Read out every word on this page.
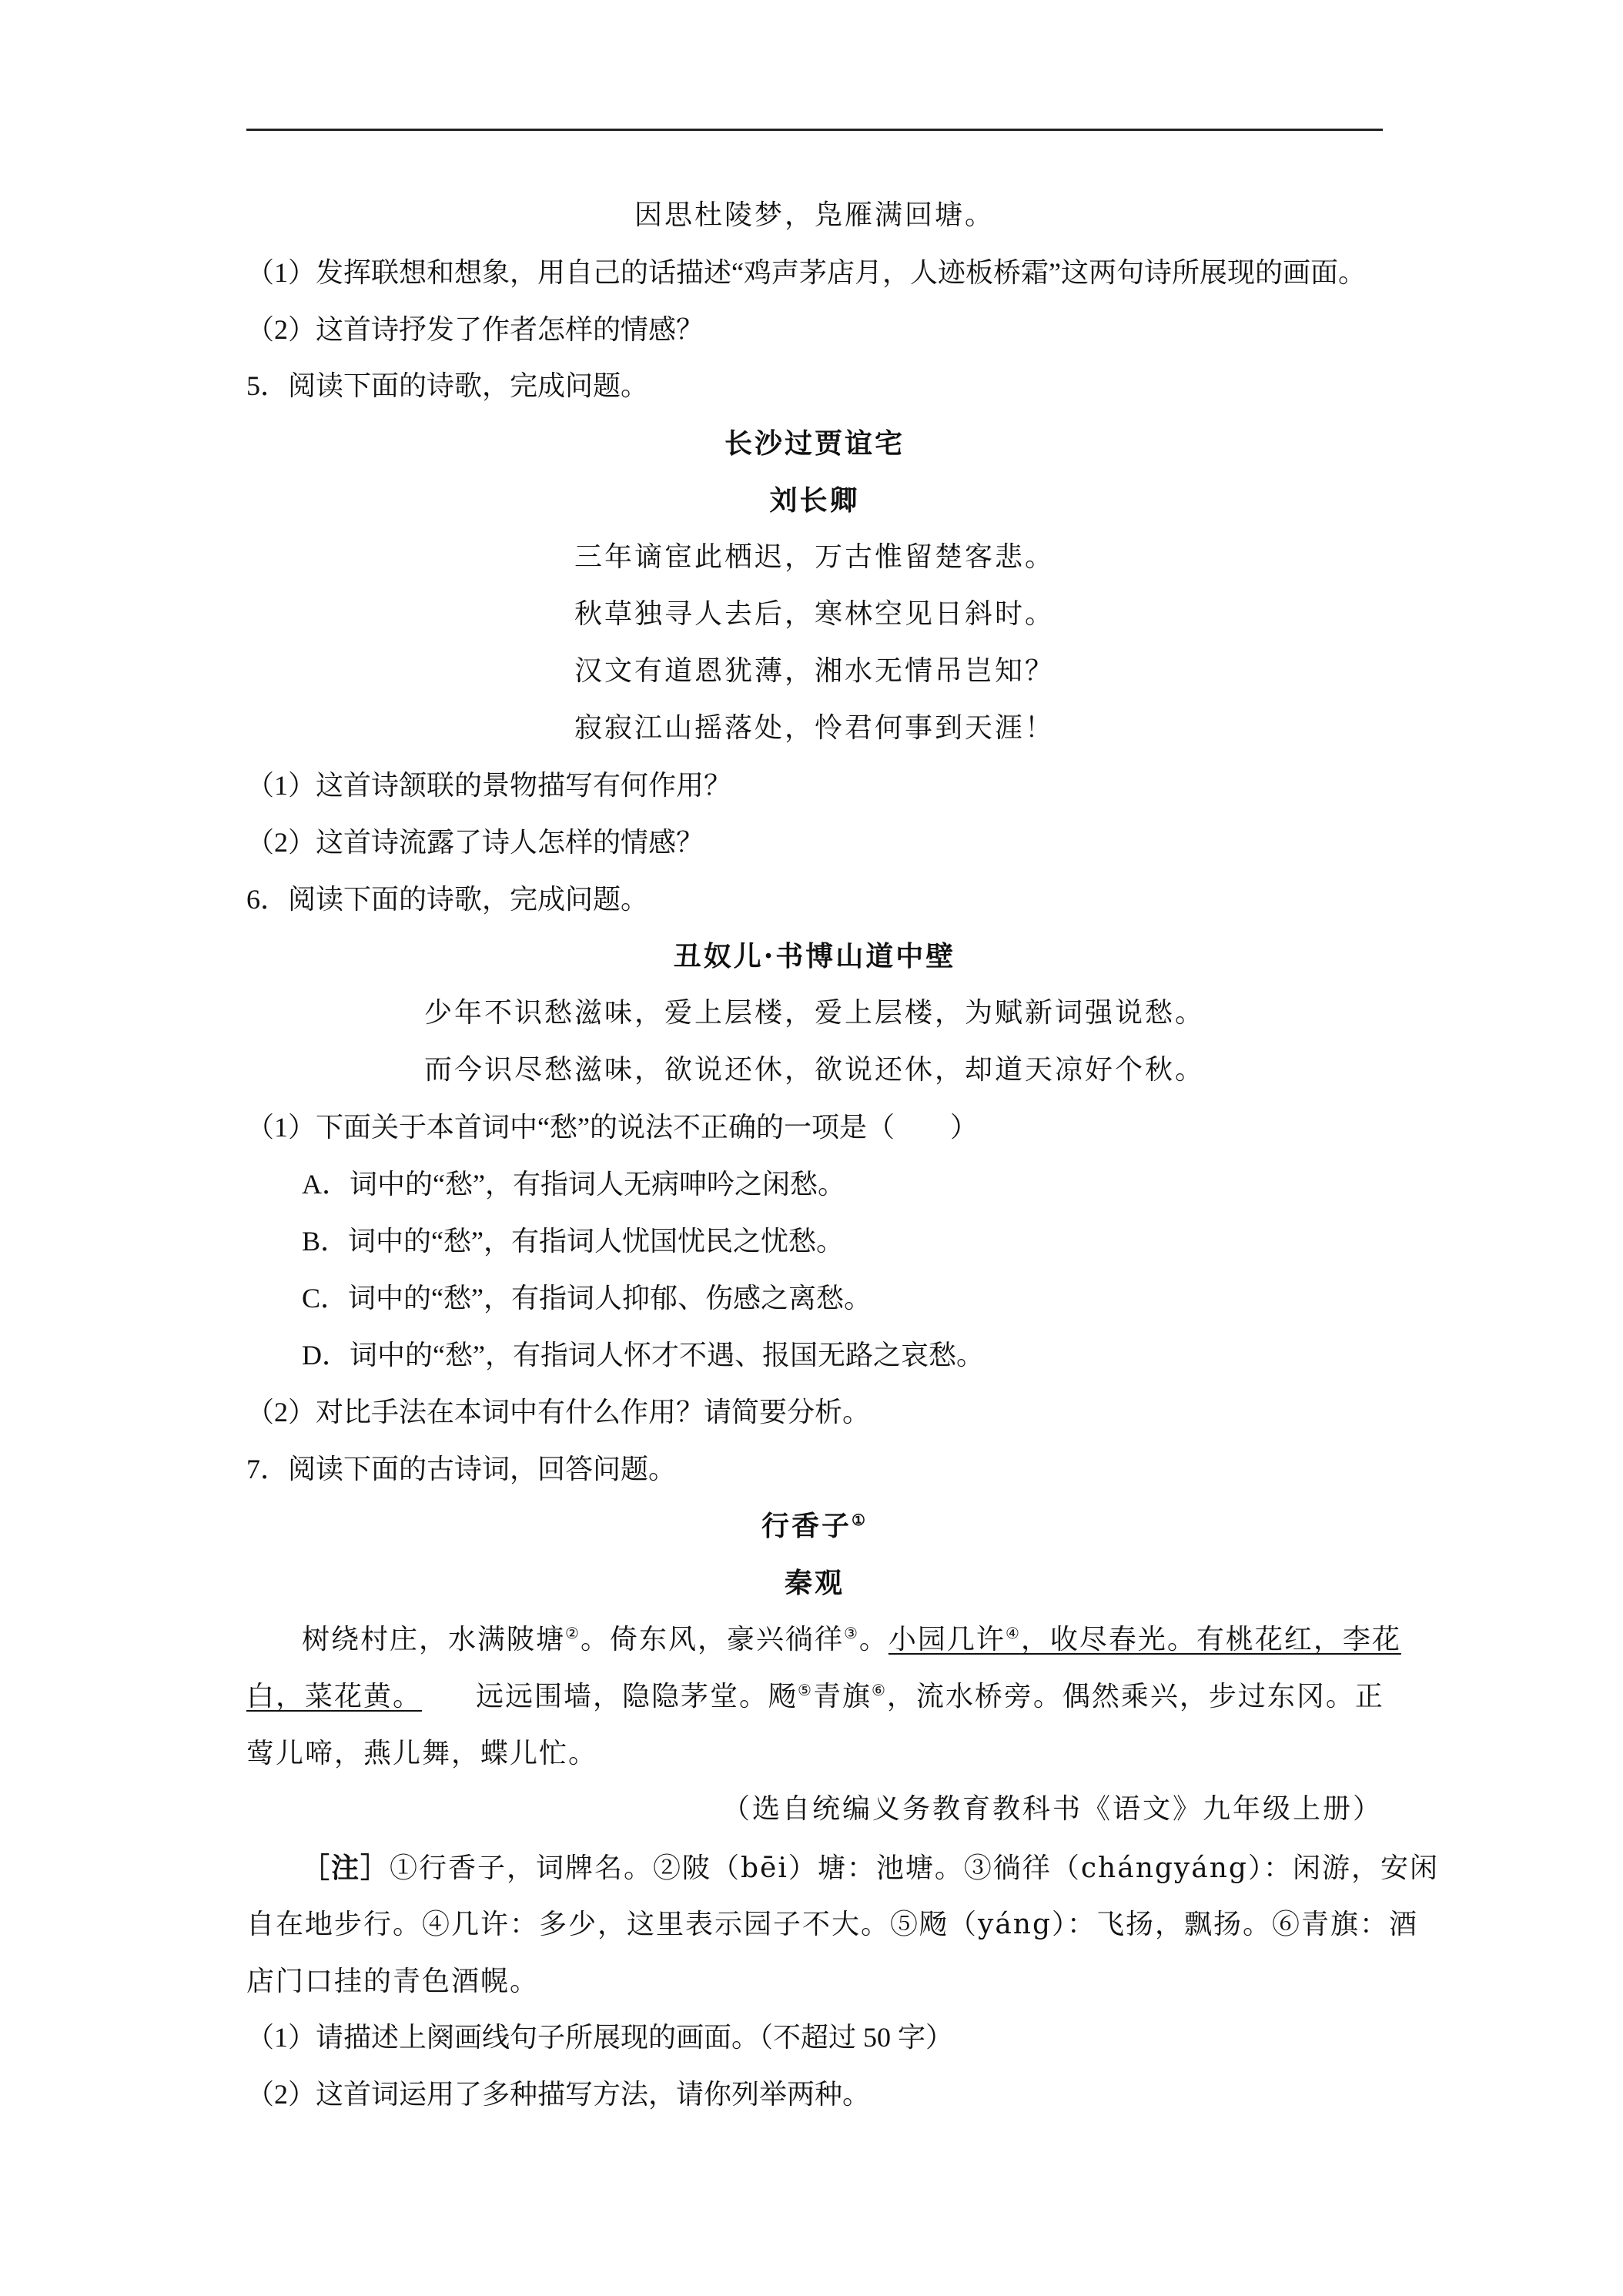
因思杜陵梦，凫雁满回塘。

（1）发挥联想和想象，用自己的话描述“鸡声茅店月，人迹板桥霜”这两句诗所展现的画面。

（2）这首诗抒发了作者怎样的情感？

5．阅读下面的诗歌，完成问题。

长沙过贾谊宅

刘长卿

三年谪宦此栖迟，万古惟留楚客悲。

秋草独寻人去后，寒林空见日斜时。

汉文有道恩犹薄，湘水无情吊岂知？

寂寂江山摇落处，怜君何事到天涯！

（1）这首诗颔联的景物描写有何作用？

（2）这首诗流露了诗人怎样的情感？

6．阅读下面的诗歌，完成问题。

丑奴儿·书博山道中壁

少年不识愁滋味，爱上层楼，爱上层楼，为赋新词强说愁。

而今识尽愁滋味，欲说还休，欲说还休，却道天凉好个秋。

（1）下面关于本首词中“愁”的说法不正确的一项是（　　）

A．词中的“愁”，有指词人无病呻吟之闲愁。

B．词中的“愁”，有指词人忧国忧民之忧愁。

C．词中的“愁”，有指词人抑郁、伤感之离愁。

D．词中的“愁”，有指词人怀才不遇、报国无路之哀愁。

（2）对比手法在本词中有什么作用？请简要分析。

7．阅读下面的古诗词，回答问题。

行香子①

秦观

树绕村庄，水满陂塘②。倚东风，豪兴徜徉③。小园几许④，收尽春光。有桃花红，李花
白，菜花黄。 远远围墙，隐隐茅堂。飏⑤青旗⑥，流水桥旁。偶然乘兴，步过东冈。正
莺儿啼，燕儿舞，蝶儿忙。

（选自统编义务教育教科书《语文》九年级上册）

［注］①行香子，词牌名。②陂（bēi）塘：池塘。③徜徉（chángyáng）：闲游，安闲
自在地步行。④几许：多少，这里表示园子不大。⑤飏（yáng）：飞扬，飘扬。⑥青旗：酒
店门口挂的青色酒幌。

（1）请描述上阕画线句子所展现的画面。（不超过 50 字）

（2）这首词运用了多种描写方法，请你列举两种。
